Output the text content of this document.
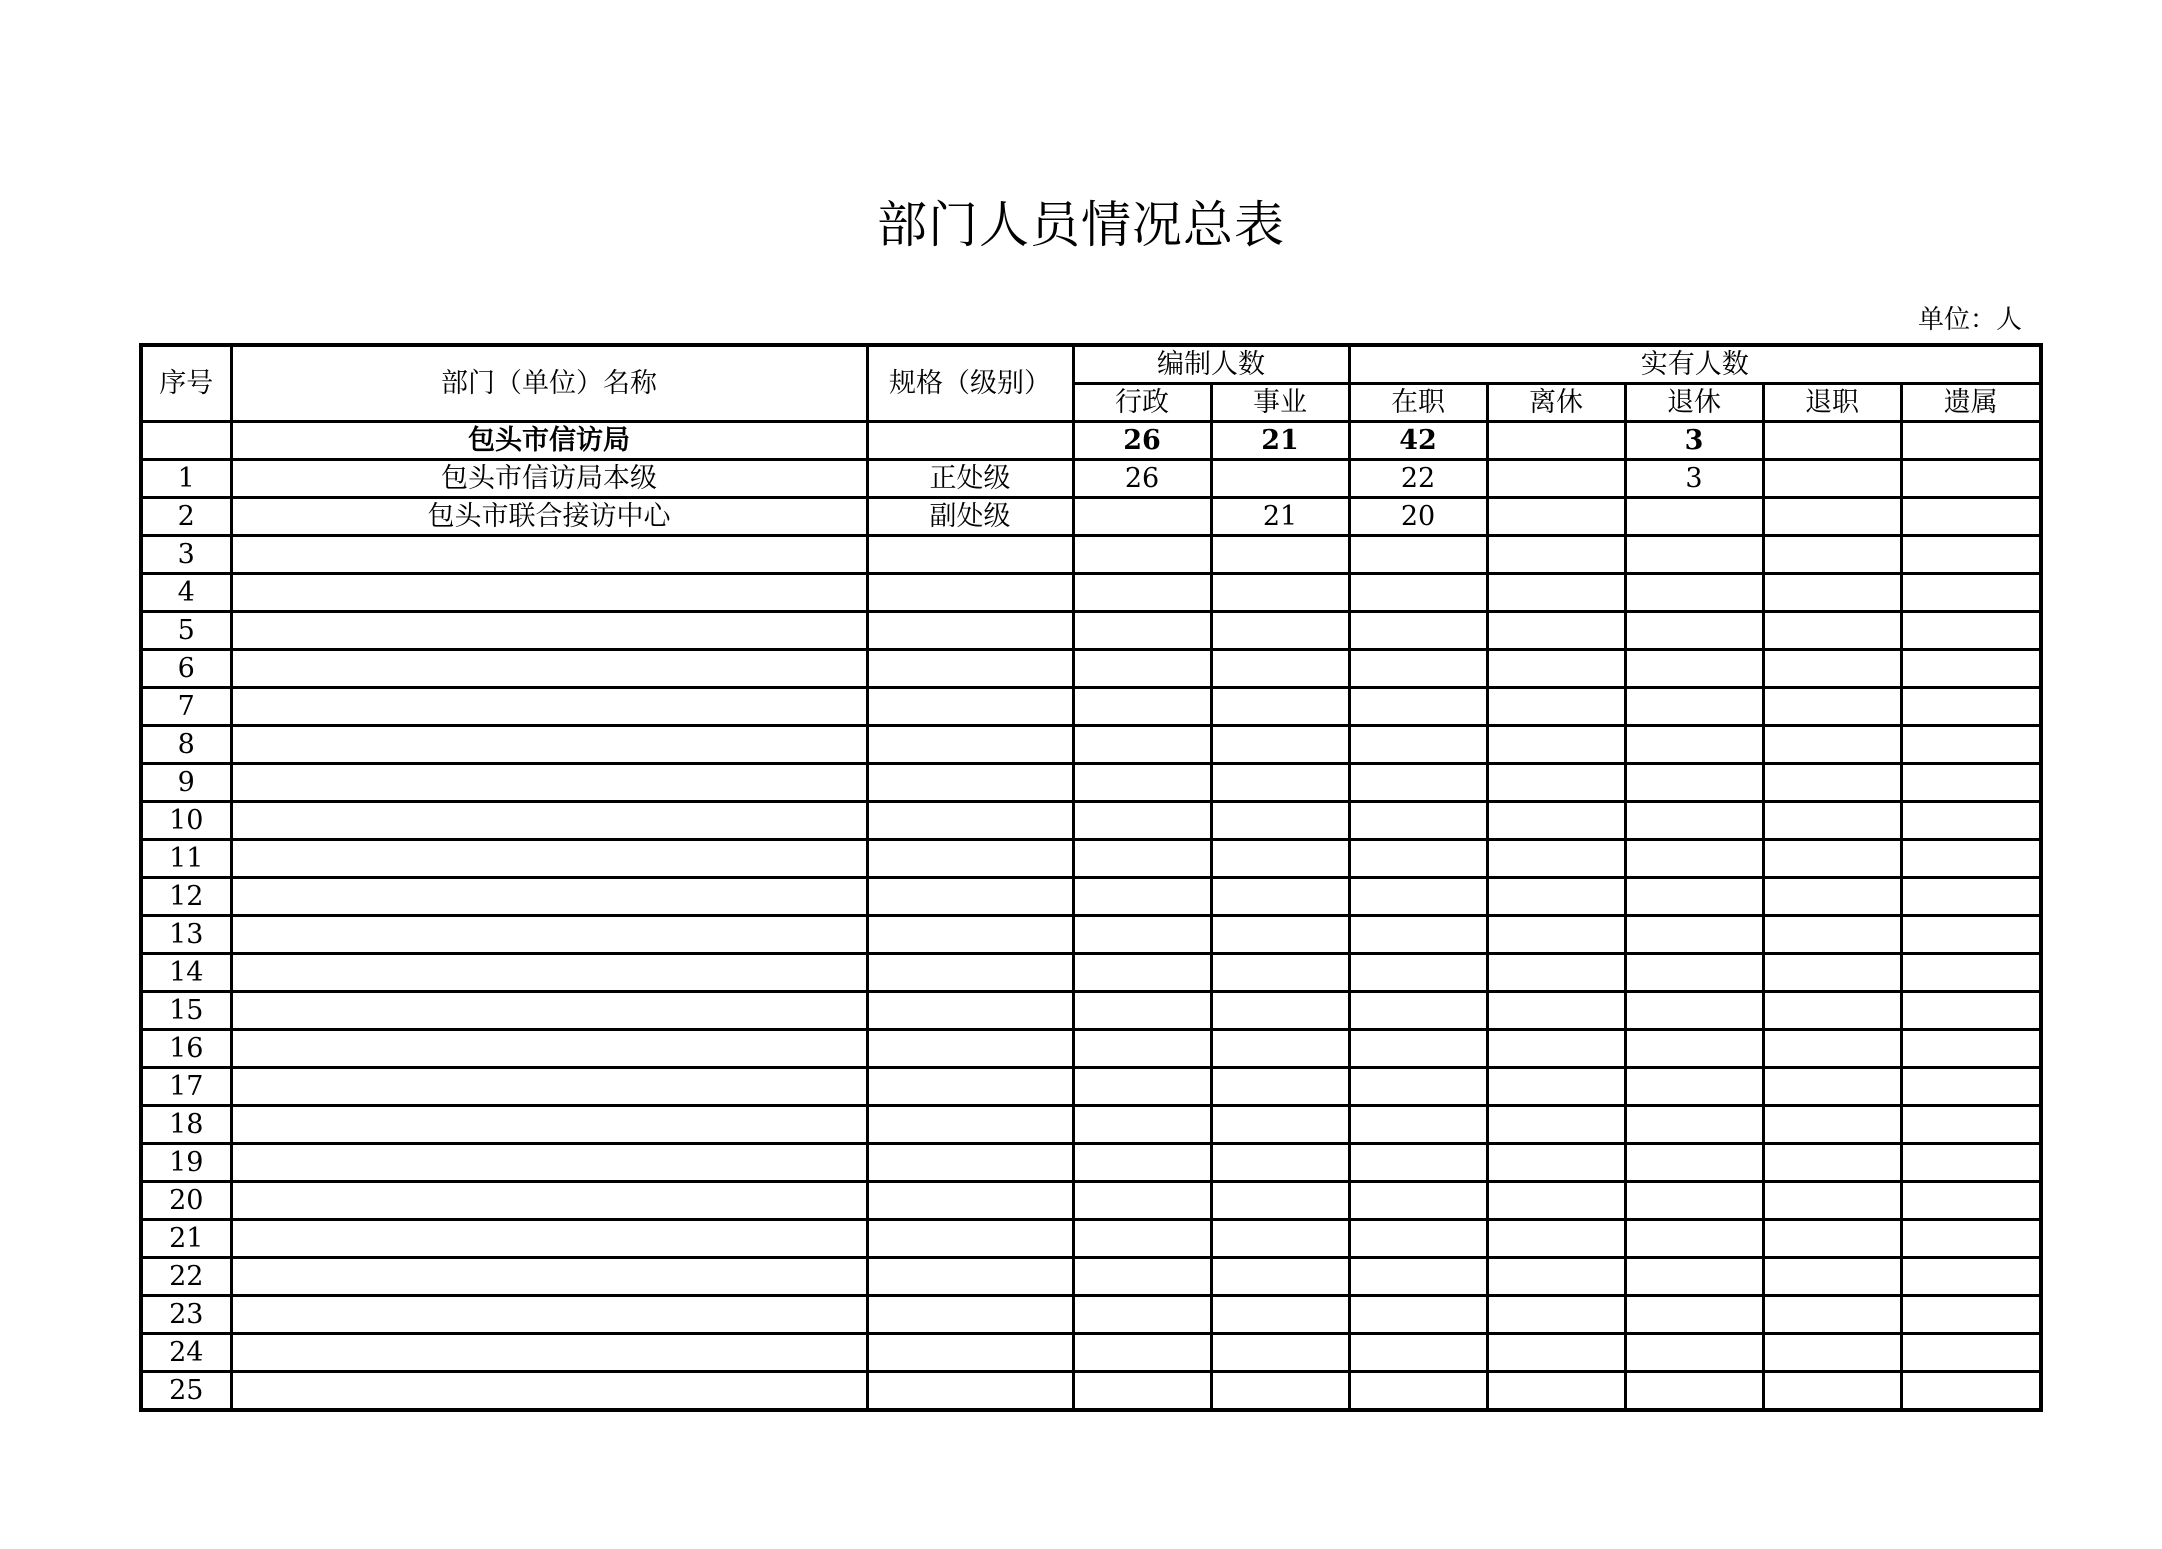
部门人员情况总表
单位：人
序号	部门（单位）名称	规格（级别）	编制人数		实有人数				
			行政	事业	在职	离休	退休	退职	遗属
	包头市信访局		26	21	42		3		
1	包头市信访局本级	正处级	26		22		3		
2	包头市联合接访中心	副处级		21	20				
3									
4									
5									
6									
7									
8									
9									
10									
11									
12									
13									
14									
15									
16									
17									
18									
19									
20									
21									
22									
23									
24									
25									
